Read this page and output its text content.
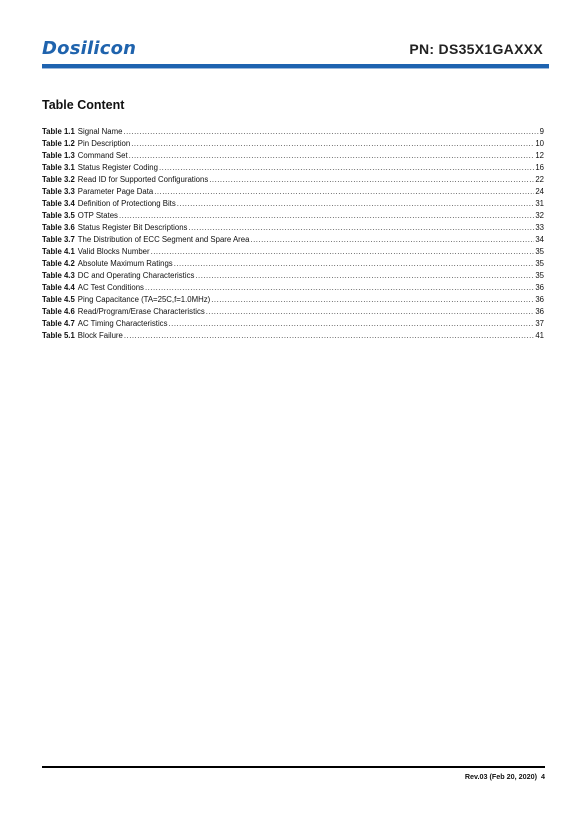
Dosilicon	PN: DS35X1GAXXX
Table Content
Table 1.1 Signal Name .....	9
Table 1.2 Pin Description .....	10
Table 1.3 Command Set .....	12
Table 3.1 Status Register Coding .....	16
Table 3.2 Read ID for Supported Configurations .....	22
Table 3.3 Parameter Page Data .....	24
Table 3.4 Definition of Protectiong Bits .....	31
Table 3.5 OTP States .....	32
Table 3.6 Status Register Bit Descriptions .....	33
Table 3.7 The Distribution of ECC Segment and Spare Area .....	34
Table 4.1 Valid Blocks Number .....	35
Table 4.2 Absolute Maximum Ratings .....	35
Table 4.3 DC and Operating Characteristics .....	35
Table 4.4 AC Test Conditions .....	36
Table 4.5 Ping Capacitance (TA=25C,f=1.0MHz) .....	36
Table 4.6 Read/Program/Erase Characteristics .....	36
Table 4.7 AC Timing Characteristics .....	37
Table 5.1 Block Failure .....	41
Rev.03 (Feb 20, 2020) 4
